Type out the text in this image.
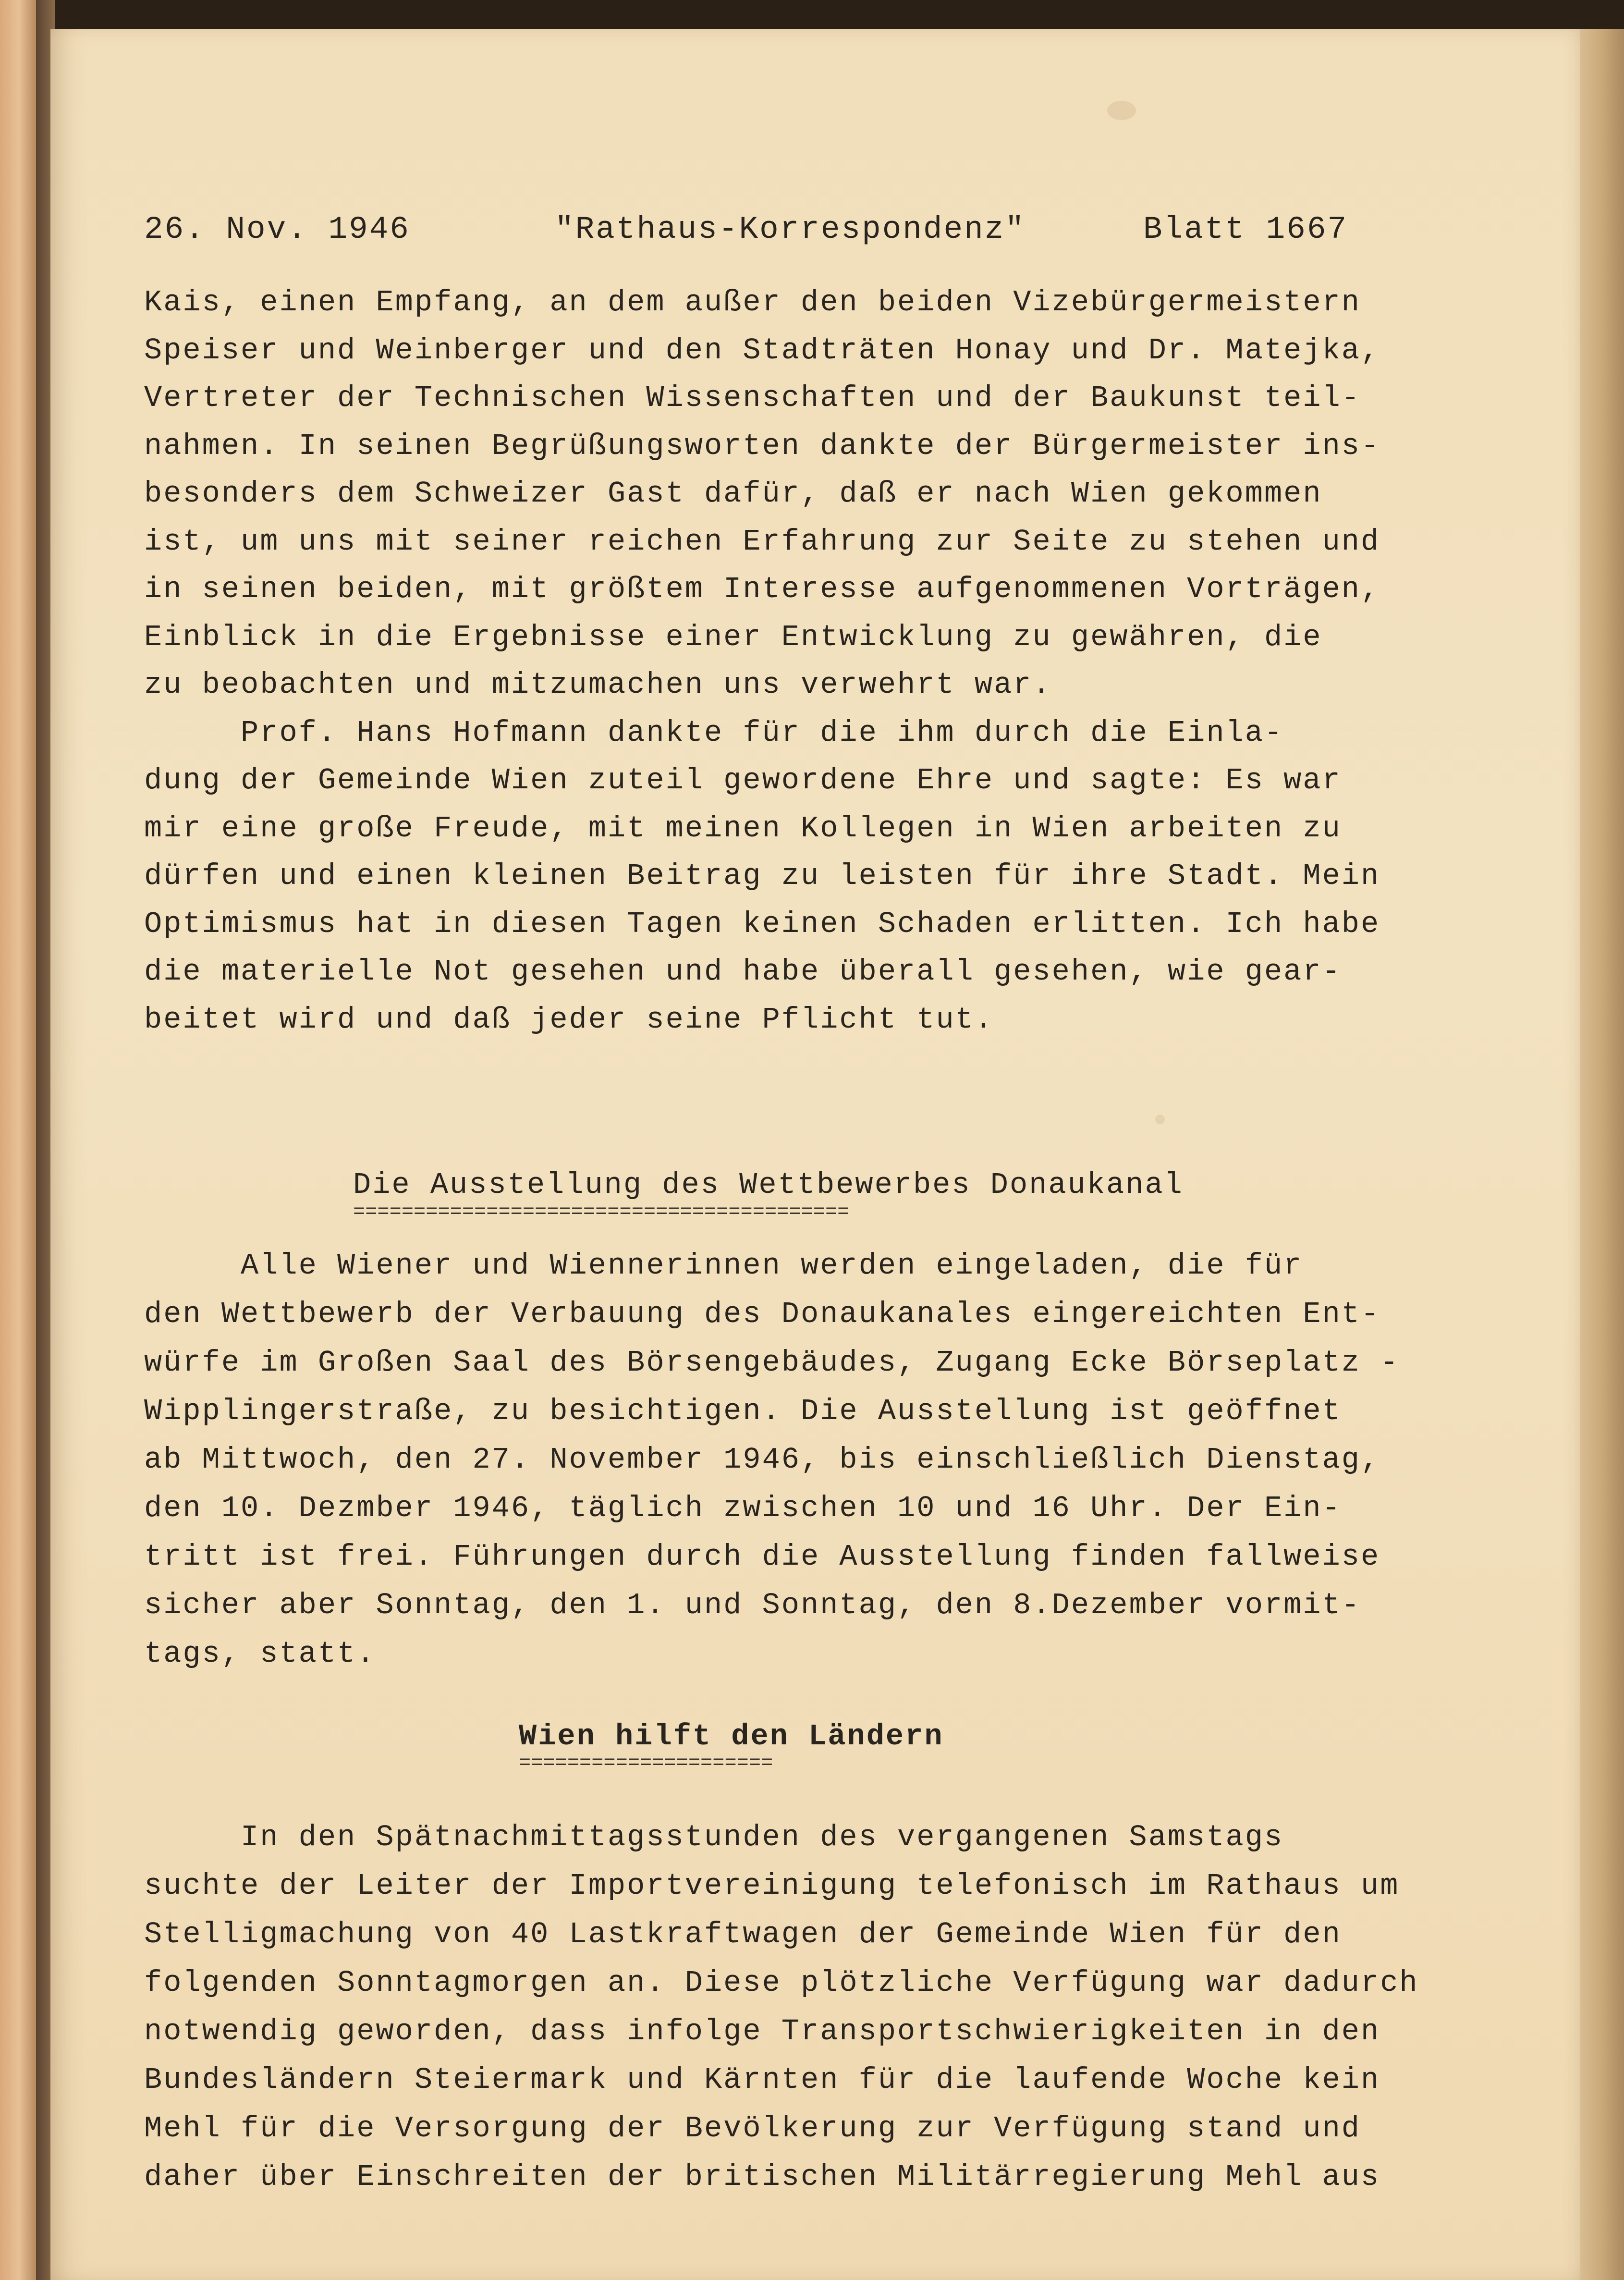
26. Nov. 1946	"Rathaus-Korrespondenz"	Blatt 1667
Kais, einen Empfang, an dem außer den beiden Vizebürgermeistern
Speiser und Weinberger und den Stadträten Honay und Dr. Matejka,
Vertreter der Technischen Wissenschaften und der Baukunst teil-
nahmen. In seinen Begrüßungsworten dankte der Bürgermeister ins-
besonders dem Schweizer Gast dafür, daß er nach Wien gekommen
ist, um uns mit seiner reichen Erfahrung zur Seite zu stehen und
in seinen beiden, mit größtem Interesse aufgenommenen Vorträgen,
Einblick in die Ergebnisse einer Entwicklung zu gewähren, die
zu beobachten und mitzumachen uns verwehrt war.
Prof. Hans Hofmann dankte für die ihm durch die Einla-
dung der Gemeinde Wien zuteil gewordene Ehre und sagte: Es war
mir eine große Freude, mit meinen Kollegen in Wien arbeiten zu
dürfen und einen kleinen Beitrag zu leisten für ihre Stadt. Mein
Optimismus hat in diesen Tagen keinen Schaden erlitten. Ich habe
die materielle Not gesehen und habe überall gesehen, wie gear-
beitet wird und daß jeder seine Pflicht tut.
Die Ausstellung des Wettbewerbes Donaukanal
=========================================
Alle Wiener und Wiennerinnen werden eingeladen, die für
den Wettbewerb der Verbauung des Donaukanales eingereichten Ent-
würfe im Großen Saal des Börsengebäudes, Zugang Ecke Börseplatz -
Wipplingerstraße, zu besichtigen. Die Ausstellung ist geöffnet
ab Mittwoch, den 27. November 1946, bis einschließlich Dienstag,
den 10. Dezmber 1946, täglich zwischen 10 und 16 Uhr. Der Ein-
tritt ist frei. Führungen durch die Ausstellung finden fallweise
sicher aber Sonntag, den 1. und Sonntag, den 8.Dezember vormit-
tags, statt.
Wien hilft den Ländern
=====================
In den Spätnachmittagsstunden des vergangenen Samstags
suchte der Leiter der Importvereinigung telefonisch im Rathaus um
Stelligmachung von 40 Lastkraftwagen der Gemeinde Wien für den
folgenden Sonntagmorgen an. Diese plötzliche Verfügung war dadurch
notwendig geworden, dass infolge Transportschwierigkeiten in den
Bundesländern Steiermark und Kärnten für die laufende Woche kein
Mehl für die Versorgung der Bevölkerung zur Verfügung stand und
daher über Einschreiten der britischen Militärregierung Mehl aus
